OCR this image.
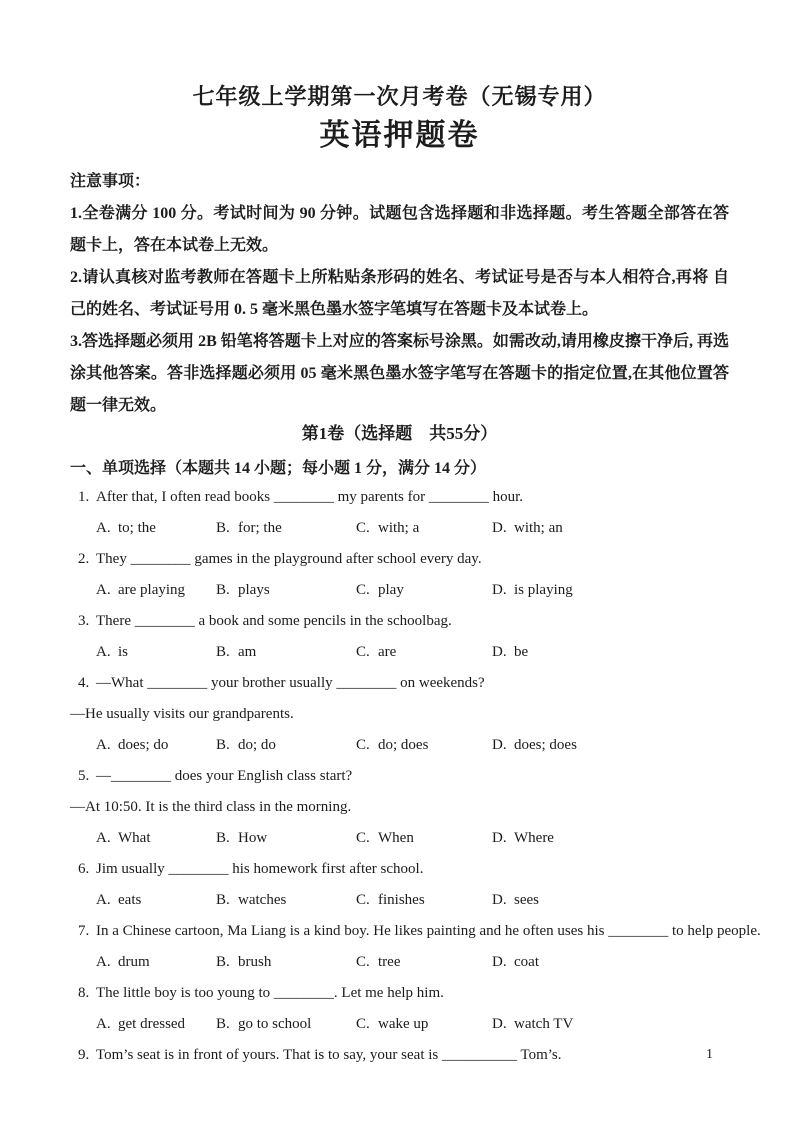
七年级上学期第一次月考卷（无锡专用）
英语押题卷

注意事项：

1.全卷满分 100 分。考试时间为 90 分钟。试题包含选择题和非选择题。考生答题全部答在答题卡上，答在本试卷上无效。

2.请认真核对监考教师在答题卡上所粘贴条形码的姓名、考试证号是否与本人相符合,再将 自己的姓名、考试证号用 0. 5 毫米黑色墨水签字笔填写在答题卡及本试卷上。

3.答选择题必须用 2B 铅笔将答题卡上对应的答案标号涂黑。如需改动,请用橡皮擦干净后, 再选涂其他答案。答非选择题必须用 05 毫米黑色墨水签字笔写在答题卡的指定位置,在其他位置答题一律无效。

第1卷（选择题　共55分）

一、单项选择（本题共 14 小题；每小题 1 分，满分 14 分）

1. After that, I often read books ________ my parents for ________ hour.
A. to; the	B. for; the	C. with; a	D. with; an
2. They ________ games in the playground after school every day.
A. are playing	B. plays	C. play	D. is playing
3. There ________ a book and some pencils in the schoolbag.
A. is	B. am	C. are	D. be
4. —What ________ your brother usually ________ on weekends?
—He usually visits our grandparents.
A. does; do	B. do; do	C. do; does	D. does; does
5. —________ does your English class start?
—At 10:50. It is the third class in the morning.
A. What	B. How	C. When	D. Where
6. Jim usually ________ his homework first after school.
A. eats	B. watches	C. finishes	D. sees
7. In a Chinese cartoon, Ma Liang is a kind boy. He likes painting and he often uses his ________ to help people.
A. drum	B. brush	C. tree	D. coat
8. The little boy is too young to ________. Let me help him.
A. get dressed	B. go to school	C. wake up	D. watch TV
9. Tom’s seat is in front of yours. That is to say, your seat is __________ Tom’s.	1
